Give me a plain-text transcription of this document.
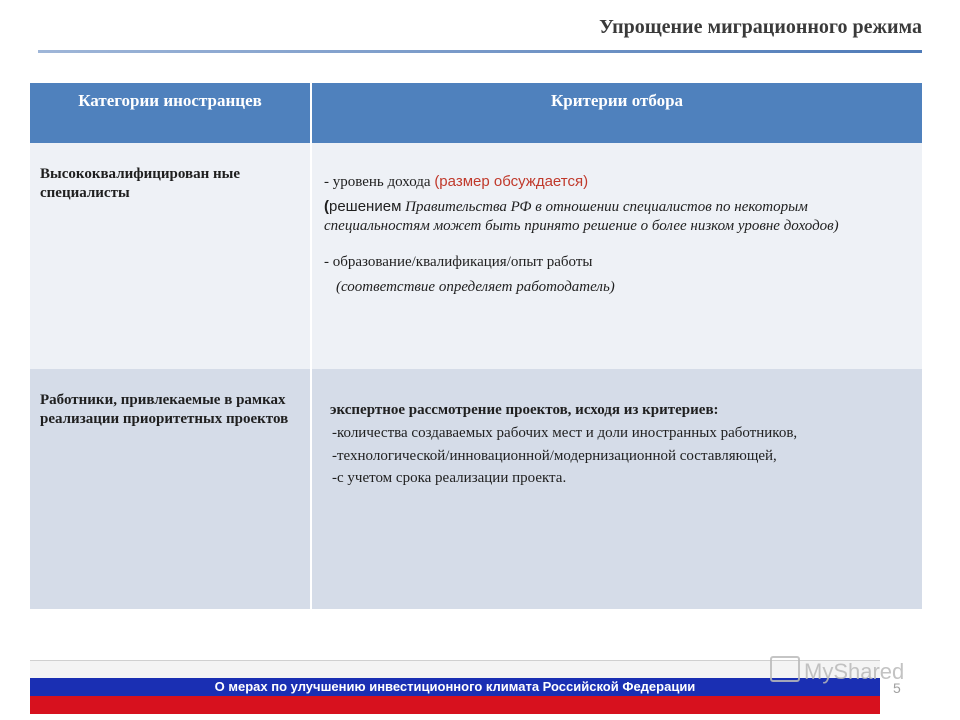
Упрощение миграционного режима
Категории иностранцев	Критерии отбора
Высококвалифицирован ные специалисты	- уровень дохода (размер обсуждается)

(решением Правительства РФ в отношении специалистов по некоторым специальностям может быть принято решение о более низком уровне доходов)

- образование/квалификация/опыт работы

(соответствие определяет работодатель)

Работники, привлекаемые в рамках реализации приоритетных проектов	экспертное рассмотрение проектов, исходя из критериев:

-количества создаваемых рабочих мест и доли иностранных работников,

-технологической/инновационной/модернизационной составляющей,

-с учетом срока реализации проекта.

О мерах по улучшению инвестиционного климата Российской Федерации
MyShared
5
